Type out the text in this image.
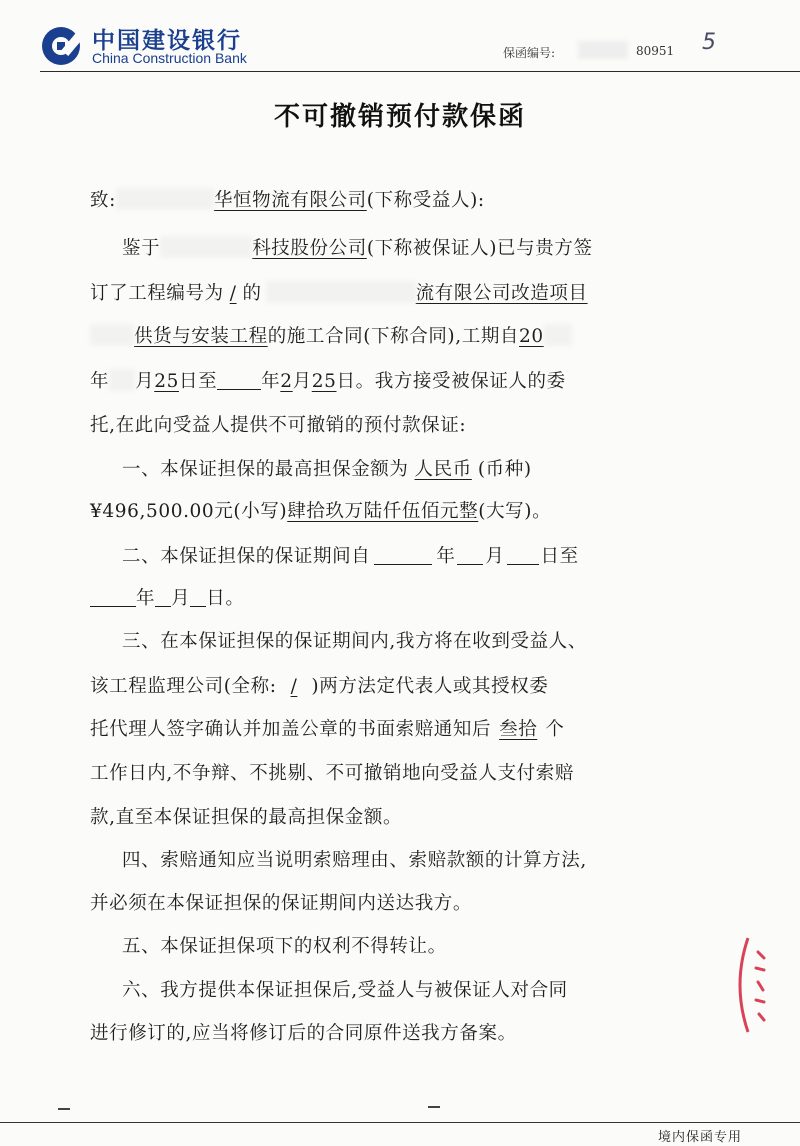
中国建设银行
China Construction Bank	保函编号:	80951 5
不可撤销预付款保函
致:	华恒物流有限公司(下称受益人):
鉴于	科技股份公司(下称被保证人)已与贵方签
订了工程编号为 / 的	流有限公司改造项目
供货与安装工程的施工合同(下称合同),工期自20
年 月25日至 年2月25日。我方接受被保证人的委
托,在此向受益人提供不可撤销的预付款保证:
一、本保证担保的最高担保金额为 人民币 (币种)
¥496,500.00元(小写)肆拾玖万陆仟伍佰元整(大写)。
二、本保证担保的保证期间自	年 月 日至
年 月 日。
三、在本保证担保的保证期间内,我方将在收到受益人、
该工程监理公司(全称: / )两方法定代表人或其授权委
托代理人签字确认并加盖公章的书面索赔通知后 叁拾 个
工作日内,不争辩、不挑剔、不可撤销地向受益人支付索赔
款,直至本保证担保的最高担保金额。
四、索赔通知应当说明索赔理由、索赔款额的计算方法,
并必须在本保证担保的保证期间内送达我方。
五、本保证担保项下的权利不得转让。
六、我方提供本保证担保后,受益人与被保证人对合同
进行修订的,应当将修订后的合同原件送我方备案。
境内保函专用
